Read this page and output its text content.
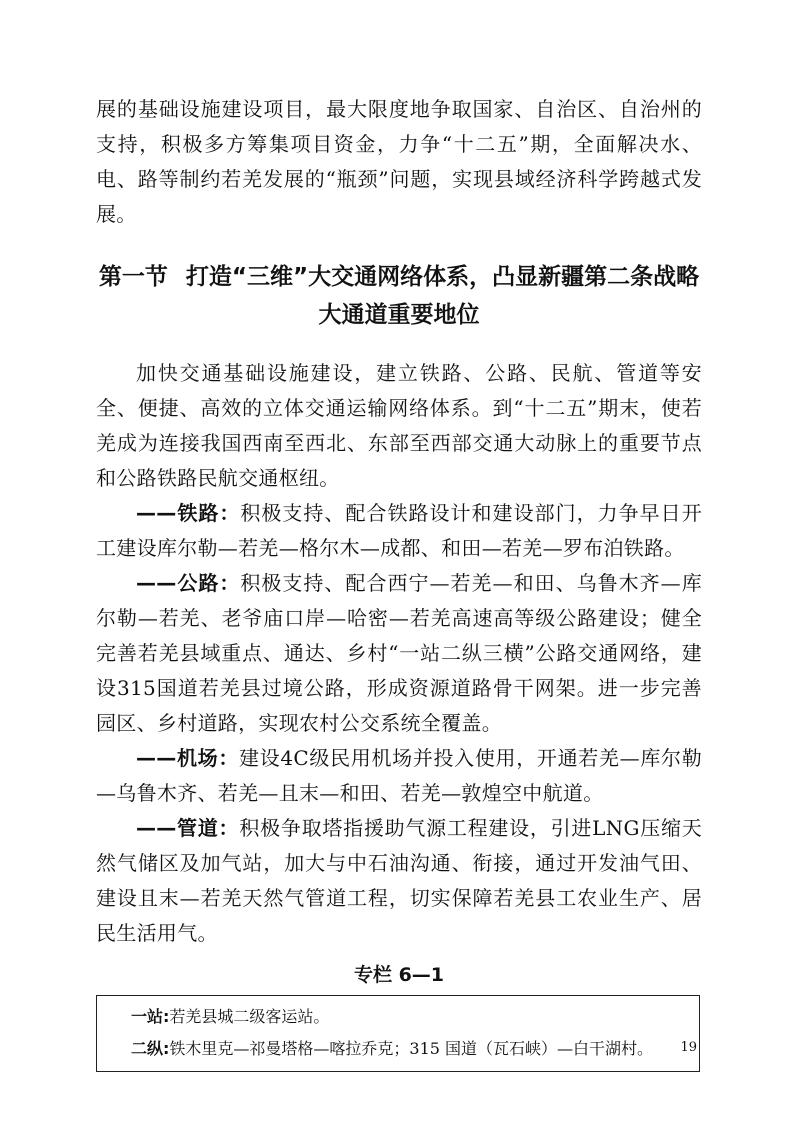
展的基础设施建设项目，最大限度地争取国家、自治区、自治州的支持，积极多方筹集项目资金，力争“十二五”期，全面解决水、电、路等制约若羌发展的“瓶颈”问题，实现县域经济科学跨越式发展。

第一节 打造“三维”大交通网络体系，凸显新疆第二条战略
大通道重要地位

加快交通基础设施建设，建立铁路、公路、民航、管道等安全、便捷、高效的立体交通运输网络体系。到“十二五”期末，使若羌成为连接我国西南至西北、东部至西部交通大动脉上的重要节点和公路铁路民航交通枢纽。

——铁路：积极支持、配合铁路设计和建设部门，力争早日开工建设库尔勒—若羌—格尔木—成都、和田—若羌—罗布泊铁路。

——公路：积极支持、配合西宁—若羌—和田、乌鲁木齐—库尔勒—若羌、老爷庙口岸—哈密—若羌高速高等级公路建设；健全完善若羌县域重点、通达、乡村“一站二纵三横”公路交通网络，建设315国道若羌县过境公路，形成资源道路骨干网架。进一步完善园区、乡村道路，实现农村公交系统全覆盖。

——机场：建设4C级民用机场并投入使用，开通若羌—库尔勒—乌鲁木齐、若羌—且末—和田、若羌—敦煌空中航道。

——管道：积极争取塔指援助气源工程建设，引进LNG压缩天然气储区及加气站，加大与中石油沟通、衔接，通过开发油气田、建设且末—若羌天然气管道工程，切实保障若羌县工农业生产、居民生活用气。

专栏 6—1

一站:若羌县城二级客运站。

二纵:铁木里克—祁曼塔格—喀拉乔克；315 国道（瓦石峡）—白干湖村。	19
